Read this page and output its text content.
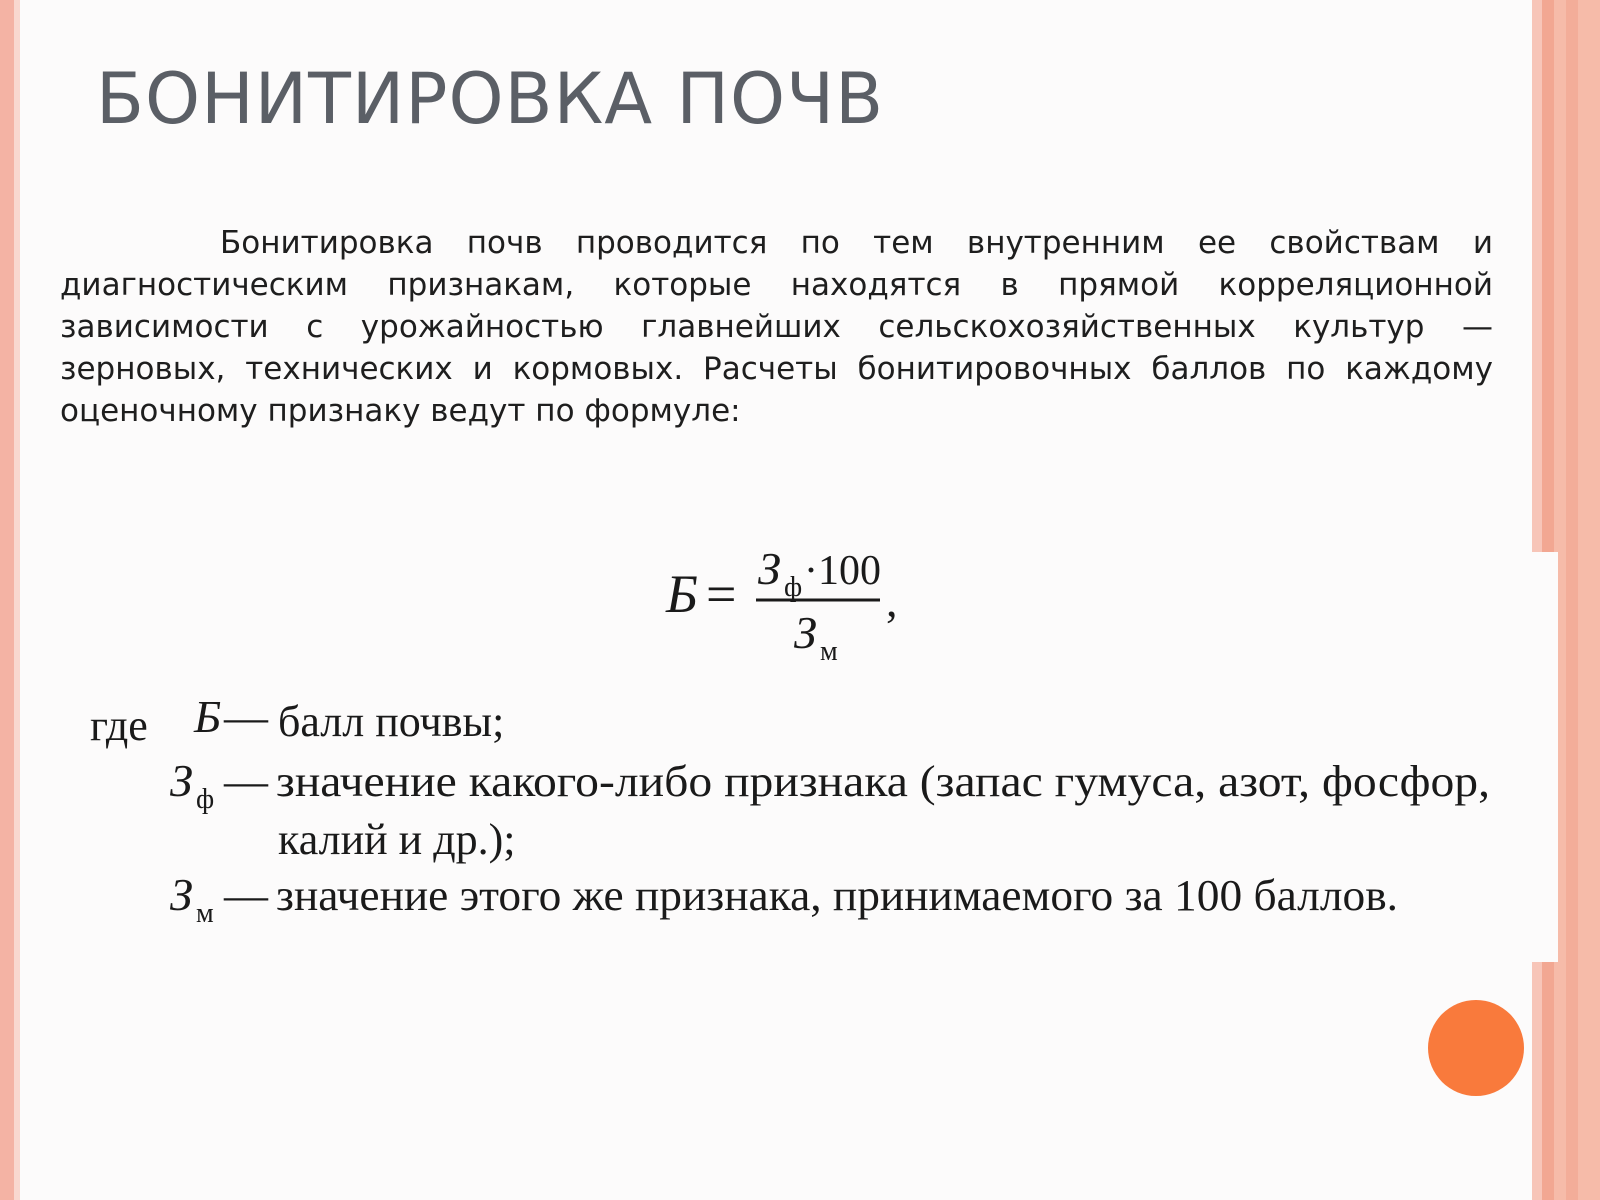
БОНИТИРОВКА ПОЧВ

Бонитировка почв проводится по тем внутренним ее свойствам и диагностическим признакам, которые находятся в прямой корреляционной зависимости с урожайностью главнейших сельскохозяйственных культур — зерновых, технических и кормовых. Расчеты бонитировочных баллов по каждому оценочному признаку ведут по формуле:

Б = З ф ·100
З м
,
где Б — балл почвы;
З ф — значение какого-либо признака (запас гумуса, азот, фосфор,
калий и др.);
З м — значение этого же признака, принимаемого за 100 баллов.
